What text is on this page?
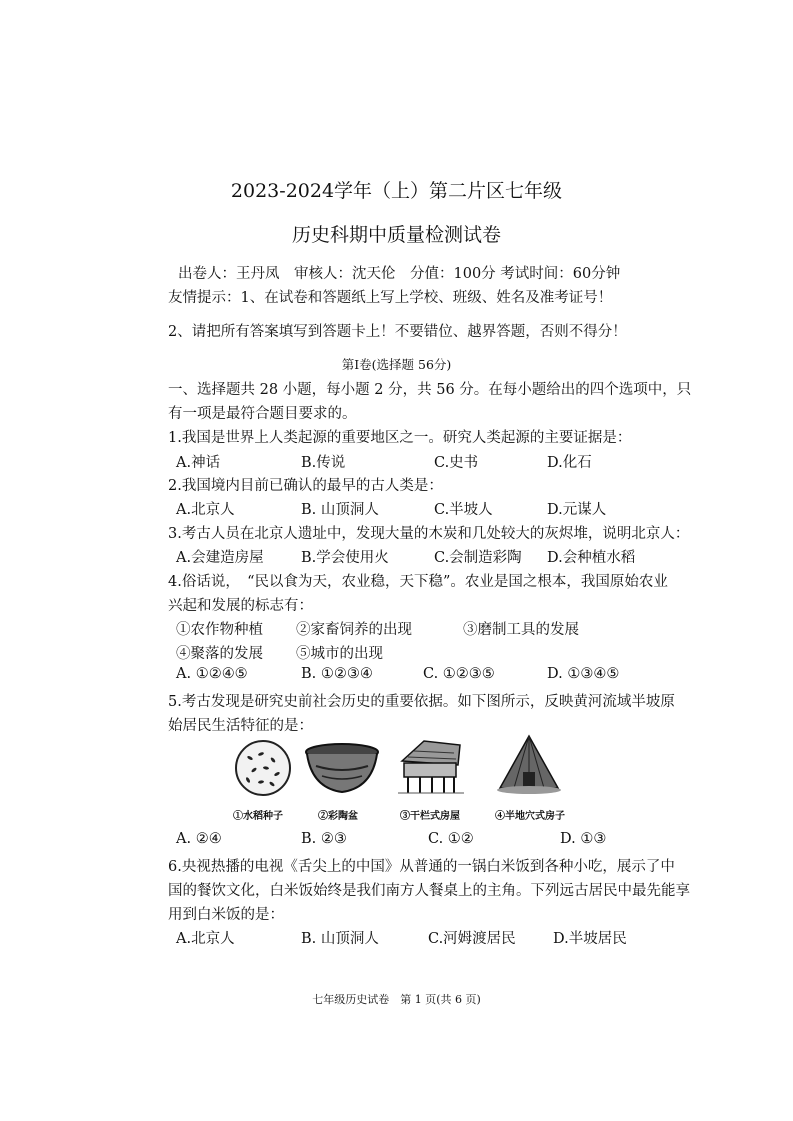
2023-2024学年（上）第二片区七年级
历史科期中质量检测试卷
出卷人：王丹凤　审核人：沈天伦　分值：100分 考试时间：60分钟
友情提示：1、在试卷和答题纸上写上学校、班级、姓名及准考证号！
2、请把所有答案填写到答题卡上！不要错位、越界答题，否则不得分！
第Ⅰ卷(选择题 56分)
一、选择题共 28 小题，每小题 2 分，共 56 分。在每小题给出的四个选项中，只
有一项是最符合题目要求的。
1.我国是世界上人类起源的重要地区之一。研究人类起源的主要证据是：
A.神话	B.传说	C.史书	D.化石
2.我国境内目前已确认的最早的古人类是：
A.北京人	B. 山顶洞人	C.半坡人	D.元谋人
3.考古人员在北京人遗址中，发现大量的木炭和几处较大的灰烬堆，说明北京人：
A.会建造房屋	B.学会使用火	C.会制造彩陶 D.会种植水稻
4.俗话说，　“民以食为天，农业稳，天下稳”。农业是国之根本，我国原始农业
兴起和发展的标志有：
①农作物种植 ②家畜饲养的出现	③磨制工具的发展
④聚落的发展 ⑤城市的出现
A. ①②④⑤	B. ①②③④	C. ①②③⑤	D. ①③④⑤
5.考古发现是研究史前社会历史的重要依据。如下图所示，反映黄河流域半坡原
始居民生活特征的是：
①水稻种子	②彩陶盆	③干栏式房屋	④半地穴式房子
A. ②④	B. ②③	C. ①②	D. ①③
6.央视热播的电视《舌尖上的中国》从普通的一锅白米饭到各种小吃，展示了中
国的餐饮文化，白米饭始终是我们南方人餐桌上的主角。下列远古居民中最先能享
用到白米饭的是：
A.北京人	B. 山顶洞人	C.河姆渡居民	D.半坡居民
七年级历史试卷　第 1 页(共 6 页)
